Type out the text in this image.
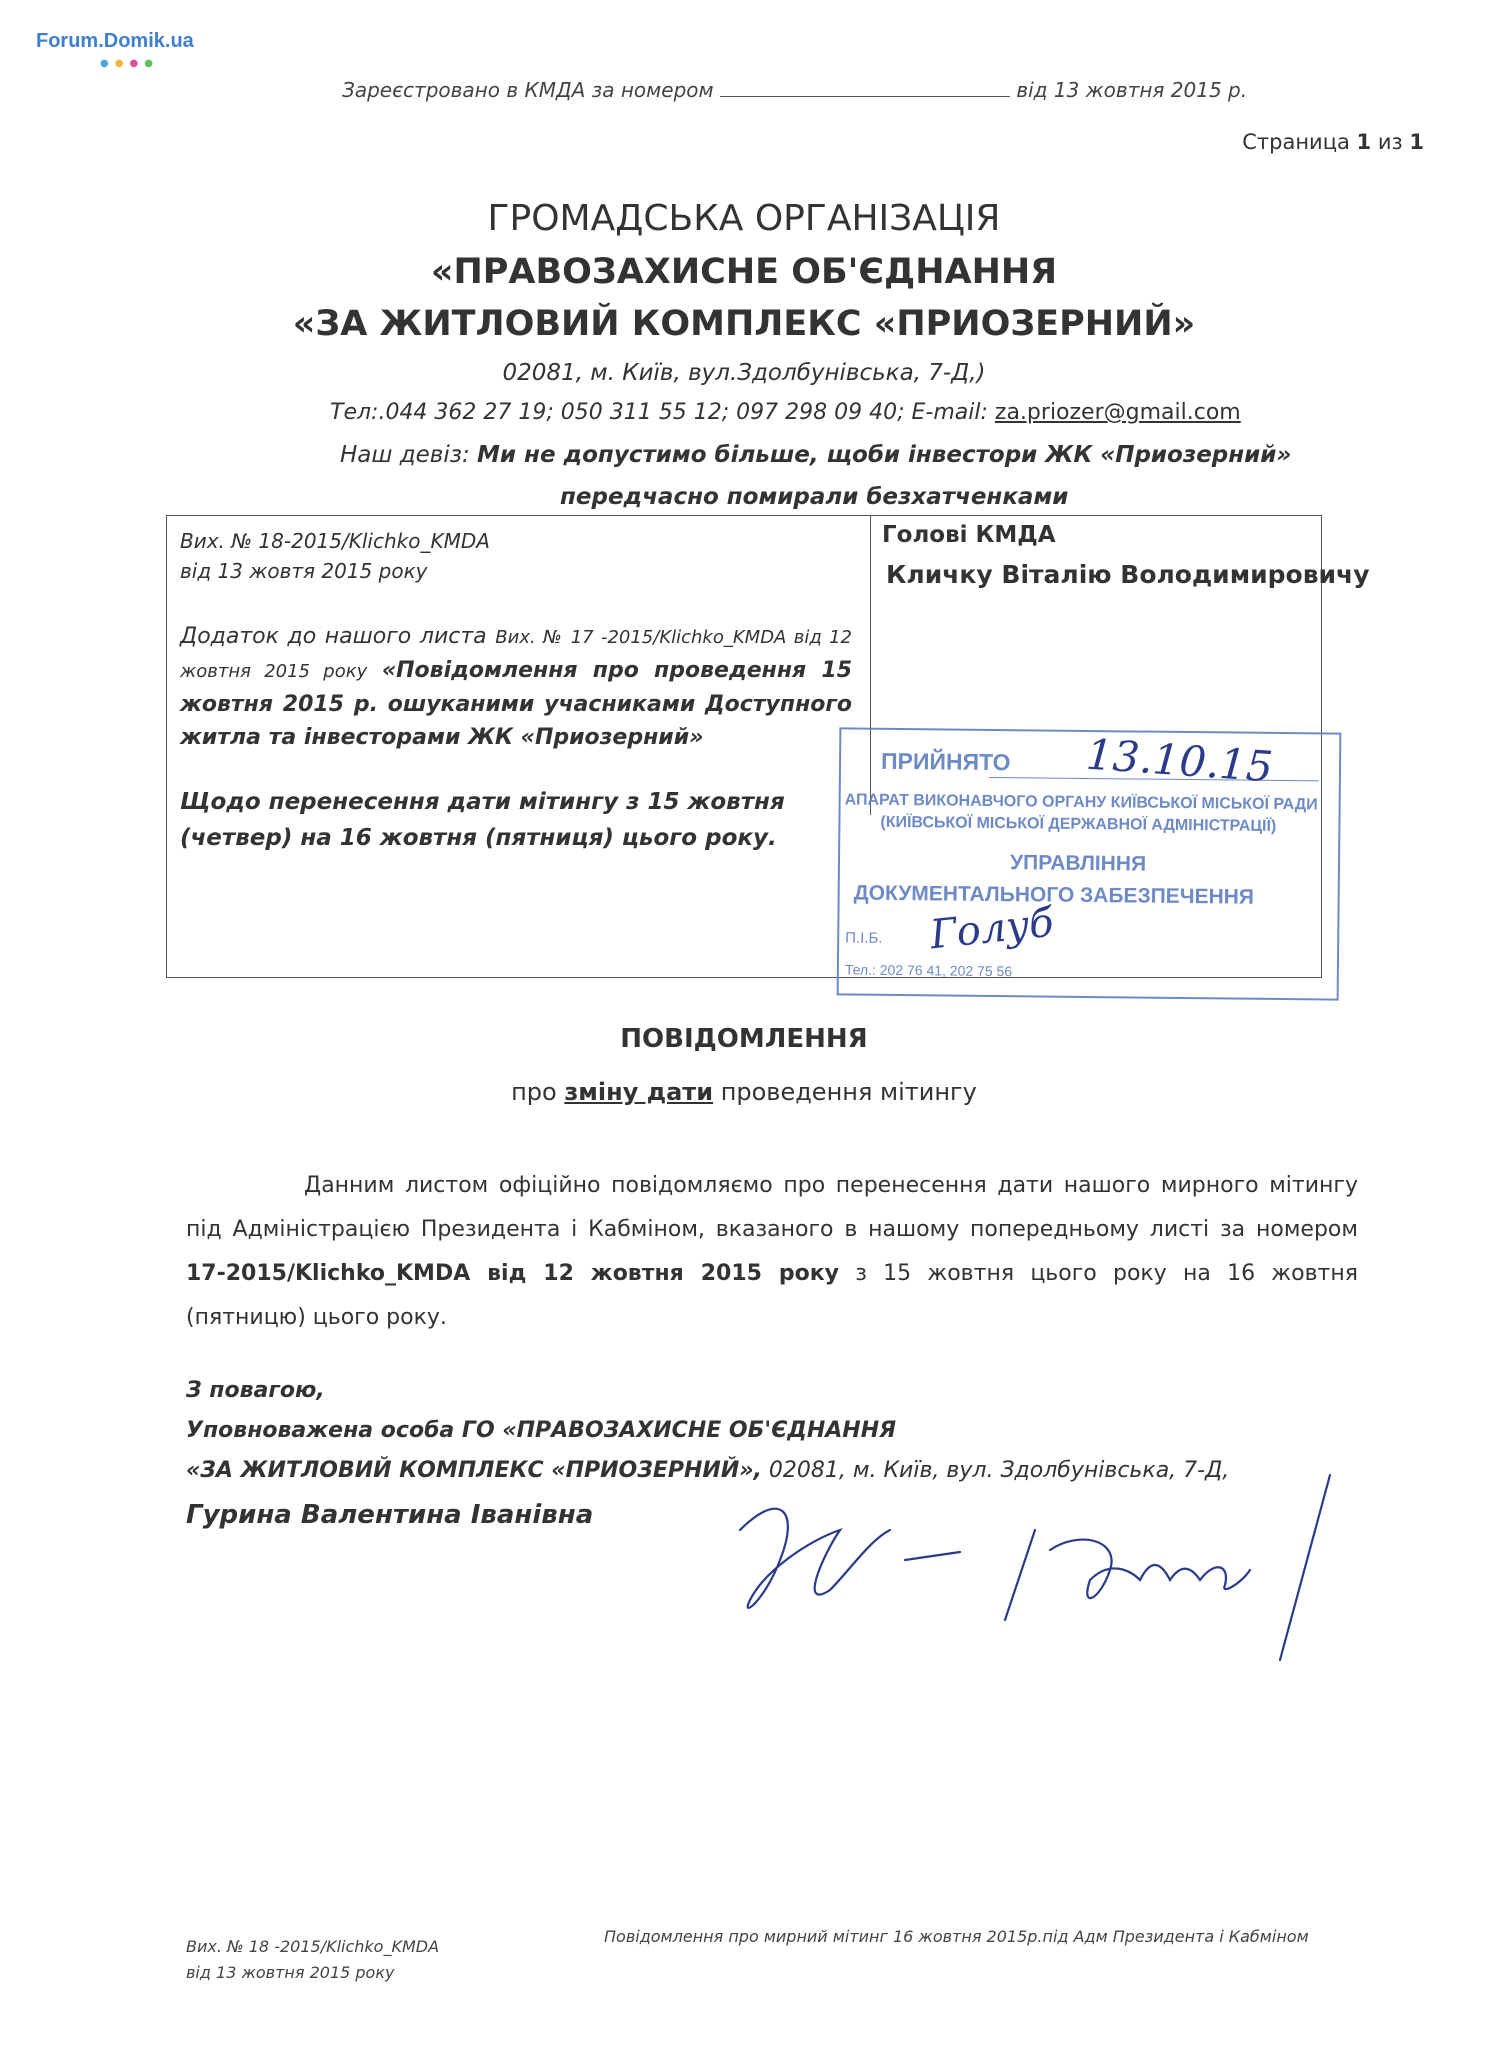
Forum.Domik.ua
●●●●
Зареєстровано в КМДА за номером	від 13 жовтня 2015 р.
Страница 1 из 1
ГРОМАДСЬКА ОРГАНІЗАЦІЯ
«ПРАВОЗАХИСНЕ ОБ'ЄДНАННЯ
«ЗА ЖИТЛОВИЙ КОМПЛЕКС «ПРИОЗЕРНИЙ»
02081, м. Київ, вул.Здолбунівська, 7-Д,)
Тел:.044 362 27 19; 050 311 55 12; 097 298 09 40; E-mail: za.priozer@gmail.com
Наш девіз: Ми не допустимо більше, щоби інвестори ЖК «Приозерний»
передчасно помирали безхатченками
Вих. № 18-2015/Klichko_KMDA
від 13 жовтя 2015 року
Додаток до нашого листа Вих. № 17 -2015/Klichko_KMDA від 12 жовтня 2015 року «Повідомлення про проведення 15 жовтня 2015 р. ошуканими учасниками Доступного житла та інвесторами ЖК «Приозерний»
Щодо перенесення дати мітингу з 15 жовтня (четвер) на 16 жовтня (пятниця) цього року.
Голові КМДА
Кличку Віталію Володимировичу
ПРИЙНЯТО
АПАРАТ ВИКОНАВЧОГО ОРГАНУ КИЇВСЬКОЇ МІСЬКОЇ РАДИ
(КИЇВСЬКОЇ МІСЬКОЇ ДЕРЖАВНОЇ АДМІНІСТРАЦІЇ)
УПРАВЛІННЯ
ДОКУМЕНТАЛЬНОГО ЗАБЕЗПЕЧЕННЯ
П.І.Б.
Тел.: 202 76 41, 202 75 56
13.10.15
Голуб
ПОВІДОМЛЕННЯ
про зміну дати проведення мітингу
Данним листом офіційно повідомляємо про перенесення дати нашого мирного мітингу під Адміністрацією Президента і Кабміном, вказаного в нашому попередньому листі за номером 17-2015/Klichko_KMDA від 12 жовтня 2015 року з 15 жовтня цього року на 16 жовтня (пятницю) цього року.
З повагою,
Уповноважена особа ГО «ПРАВОЗАХИСНЕ ОБ'ЄДНАННЯ
«ЗА ЖИТЛОВИЙ КОМПЛЕКС «ПРИОЗЕРНИЙ», 02081, м. Київ, вул. Здолбунівська, 7-Д,
Гурина Валентина Іванівна
Вих. № 18 -2015/Klichko_KMDA
від 13 жовтня 2015 року
Повідомлення про мирний мітинг 16 жовтня 2015р.під Адм Президента і Кабміном
